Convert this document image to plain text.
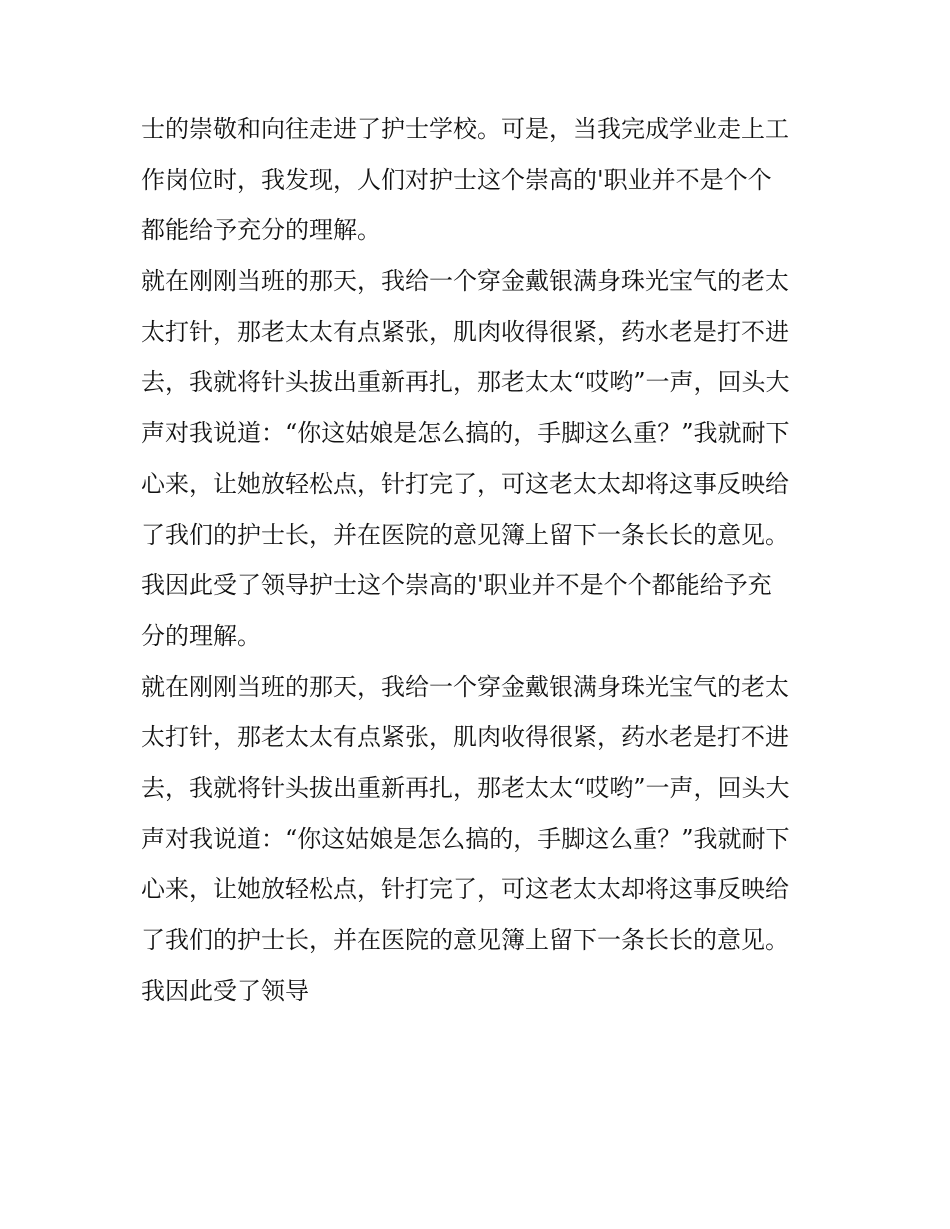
士的崇敬和向往走进了护士学校。可是，当我完成学业走上工
作岗位时，我发现，人们对护士这个崇高的'职业并不是个个
都能给予充分的理解。
就在刚刚当班的那天，我给一个穿金戴银满身珠光宝气的老太
太打针，那老太太有点紧张，肌肉收得很紧，药水老是打不进
去，我就将针头拔出重新再扎，那老太太“哎哟”一声，回头大
声对我说道：“你这姑娘是怎么搞的，手脚这么重？”我就耐下
心来，让她放轻松点，针打完了，可这老太太却将这事反映给
了我们的护士长，并在医院的意见簿上留下一条长长的意见。
我因此受了领导护士这个崇高的'职业并不是个个都能给予充
分的理解。
就在刚刚当班的那天，我给一个穿金戴银满身珠光宝气的老太
太打针，那老太太有点紧张，肌肉收得很紧，药水老是打不进
去，我就将针头拔出重新再扎，那老太太“哎哟”一声，回头大
声对我说道：“你这姑娘是怎么搞的，手脚这么重？”我就耐下
心来，让她放轻松点，针打完了，可这老太太却将这事反映给
了我们的护士长，并在医院的意见簿上留下一条长长的意见。
我因此受了领导
